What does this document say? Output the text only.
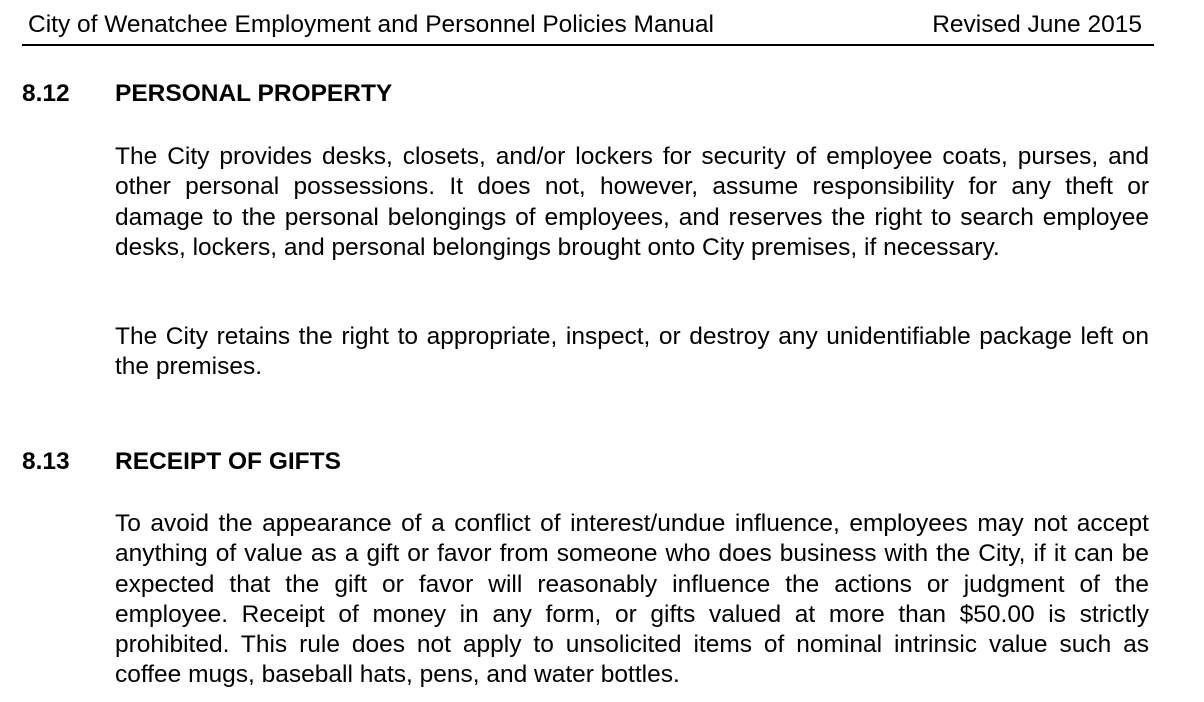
City of Wenatchee Employment and Personnel Policies Manual	Revised June 2015
8.12 PERSONAL PROPERTY

The City provides desks, closets, and/or lockers for security of employee coats, purses, and other personal possessions. It does not, however, assume responsibility for any theft or damage to the personal belongings of employees, and reserves the right to search employee desks, lockers, and personal belongings brought onto City premises, if necessary.

The City retains the right to appropriate, inspect, or destroy any unidentifiable package left on the premises.

8.13 RECEIPT OF GIFTS

To avoid the appearance of a conflict of interest/undue influence, employees may not accept anything of value as a gift or favor from someone who does business with the City, if it can be expected that the gift or favor will reasonably influence the actions or judgment of the employee. Receipt of money in any form, or gifts valued at more than $50.00 is strictly prohibited. This rule does not apply to unsolicited items of nominal intrinsic value such as coffee mugs, baseball hats, pens, and water bottles.
